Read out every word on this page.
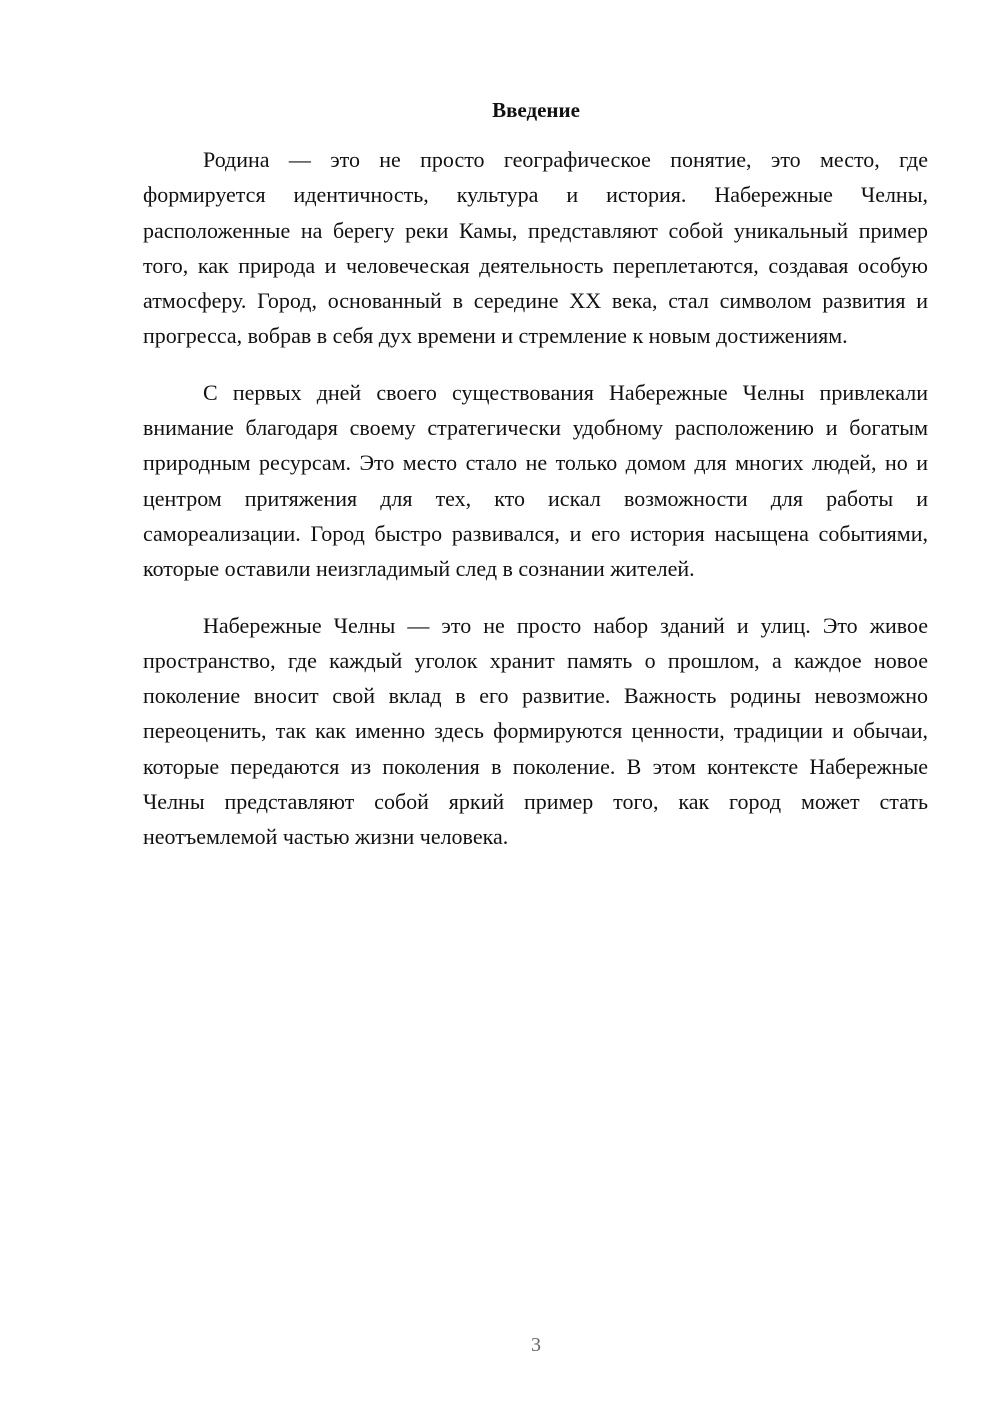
Введение

Родина — это не просто географическое понятие, это место, где формируется идентичность, культура и история. Набережные Челны, расположенные на берегу реки Камы, представляют собой уникальный пример того, как природа и человеческая деятельность переплетаются, создавая особую атмосферу. Город, основанный в середине XX века, стал символом развития и прогресса, вобрав в себя дух времени и стремление к новым достижениям.

С первых дней своего существования Набережные Челны привлекали внимание благодаря своему стратегически удобному расположению и богатым природным ресурсам. Это место стало не только домом для многих людей, но и центром притяжения для тех, кто искал возможности для работы и самореализации. Город быстро развивался, и его история насыщена событиями, которые оставили неизгладимый след в сознании жителей.

Набережные Челны — это не просто набор зданий и улиц. Это живое пространство, где каждый уголок хранит память о прошлом, а каждое новое поколение вносит свой вклад в его развитие. Важность родины невозможно переоценить, так как именно здесь формируются ценности, традиции и обычаи, которые передаются из поколения в поколение. В этом контексте Набережные Челны представляют собой яркий пример того, как город может стать неотъемлемой частью жизни человека.

3
